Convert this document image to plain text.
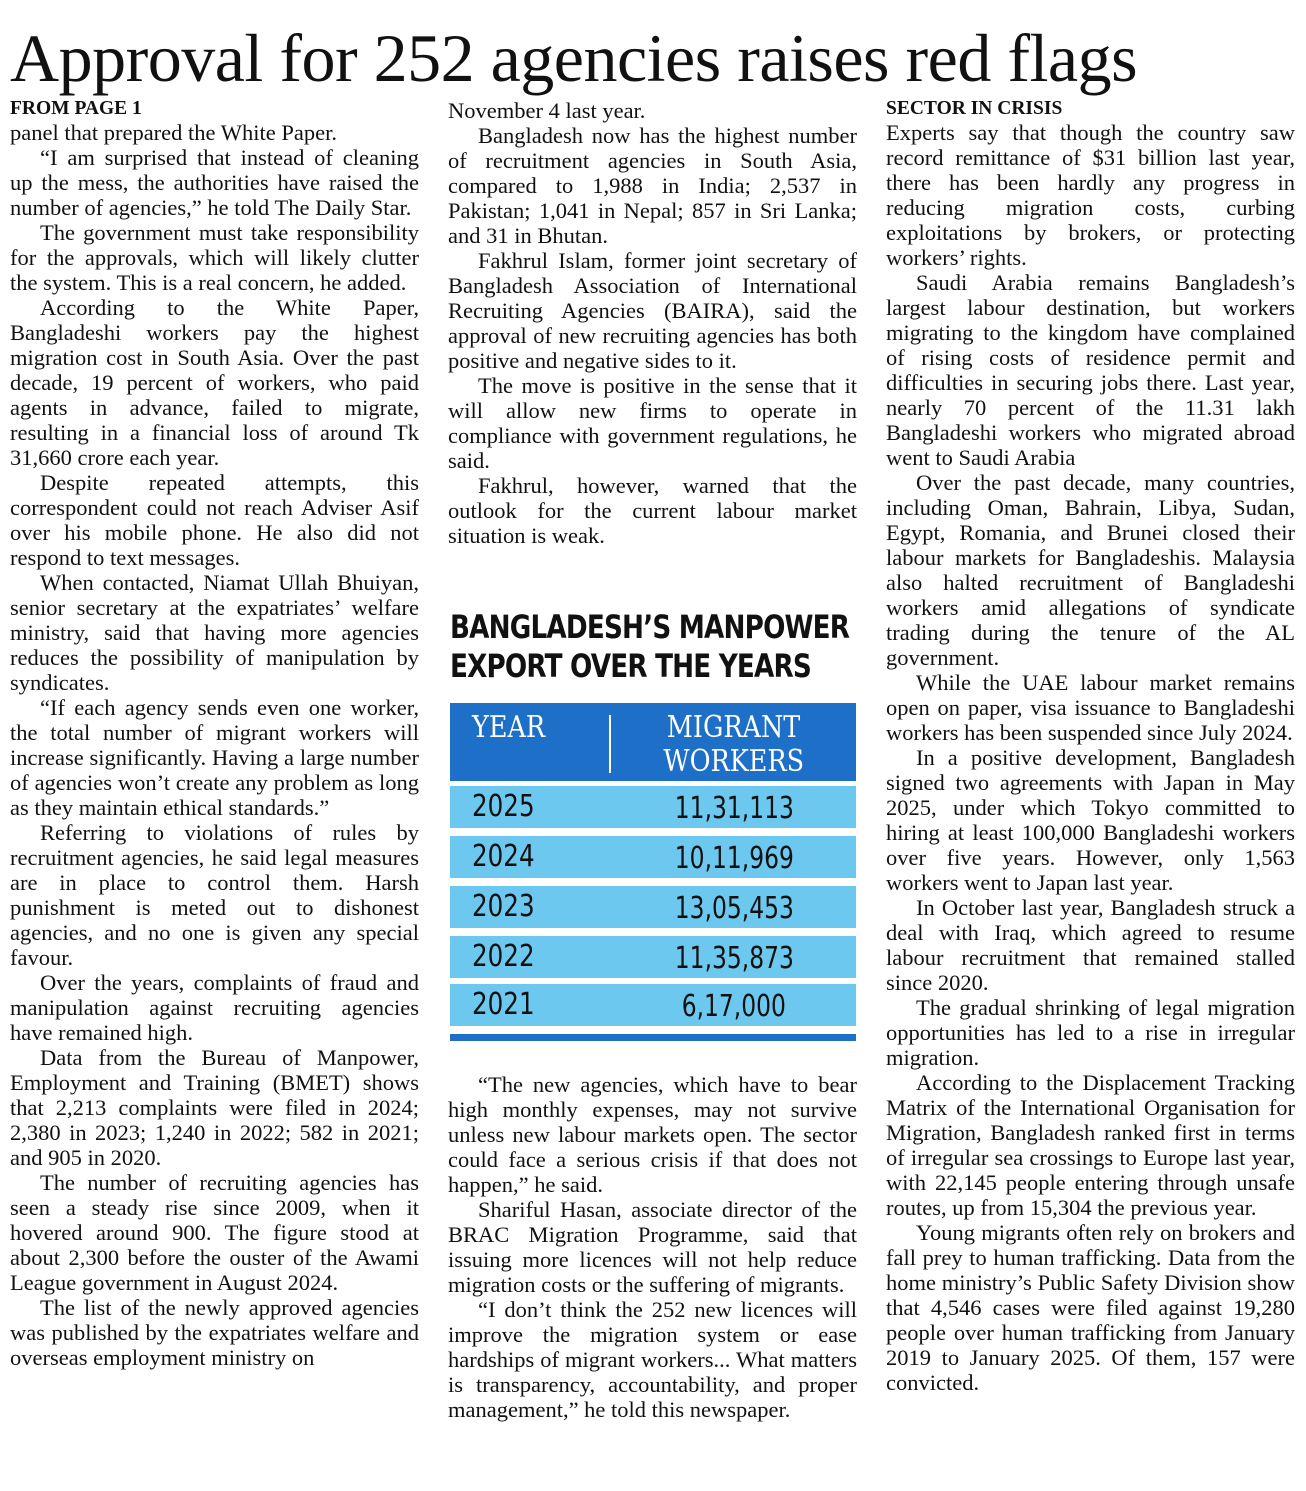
Approval for 252 agencies raises red flags
FROM PAGE 1

panel that prepared the White Paper.

“I am surprised that instead of cleaning up the mess, the authorities have raised the number of agencies,” he told The Daily Star.

The government must take responsibility for the approvals, which will likely clutter the system. This is a real concern, he added.

According to the White Paper, Bangladeshi workers pay the highest migration cost in South Asia. Over the past decade, 19 percent of workers, who paid agents in advance, failed to migrate, resulting in a financial loss of around Tk 31,660 crore each year.

Despite repeated attempts, this correspondent could not reach Adviser Asif over his mobile phone. He also did not respond to text messages.

When contacted, Niamat Ullah Bhuiyan, senior secretary at the expatriates’ welfare ministry, said that having more agencies reduces the possibility of manipulation by syndicates.

“If each agency sends even one worker, the total number of migrant workers will increase significantly. Having a large number of agencies won’t create any problem as long as they maintain ethical standards.”

Referring to violations of rules by recruitment agencies, he said legal measures are in place to control them. Harsh punishment is meted out to dishonest agencies, and no one is given any special favour.

Over the years, complaints of fraud and manipulation against recruiting agencies have remained high.

Data from the Bureau of Manpower, Employment and Training (BMET) shows that 2,213 complaints were filed in 2024; 2,380 in 2023; 1,240 in 2022; 582 in 2021; and 905 in 2020.

The number of recruiting agencies has seen a steady rise since 2009, when it hovered around 900. The figure stood at about 2,300 before the ouster of the Awami League government in August 2024.

The list of the newly approved agencies was published by the expatriates welfare and overseas employment ministry on

November 4 last year.

Bangladesh now has the highest number of recruitment agencies in South Asia, compared to 1,988 in India; 2,537 in Pakistan; 1,041 in Nepal; 857 in Sri Lanka; and 31 in Bhutan.

Fakhrul Islam, former joint secretary of Bangladesh Association of International Recruiting Agencies (BAIRA), said the approval of new recruiting agencies has both positive and negative sides to it.

The move is positive in the sense that it will allow new firms to operate in compliance with government regulations, he said.

Fakhrul, however, warned that the outlook for the current labour market situation is weak.

BANGLADESH’S MANPOWER
EXPORT OVER THE YEARS
YEAR	MIGRANT
WORKERS
2025	11,31,113
2024	10,11,969
2023	13,05,453
2022	11,35,873
2021	6,17,000

“The new agencies, which have to bear high monthly expenses, may not survive unless new labour markets open. The sector could face a serious crisis if that does not happen,” he said.

Shariful Hasan, associate director of the BRAC Migration Programme, said that issuing more licences will not help reduce migration costs or the suffering of migrants.

“I don’t think the 252 new licences will improve the migration system or ease hardships of migrant workers... What matters is transparency, accountability, and proper management,” he told this newspaper.

SECTOR IN CRISIS

Experts say that though the country saw record remittance of $31 billion last year, there has been hardly any progress in reducing migration costs, curbing exploitations by brokers, or protecting workers’ rights.

Saudi Arabia remains Bangladesh’s largest labour destination, but workers migrating to the kingdom have complained of rising costs of residence permit and difficulties in securing jobs there. Last year, nearly 70 percent of the 11.31 lakh Bangladeshi workers who migrated abroad went to Saudi Arabia

Over the past decade, many countries, including Oman, Bahrain, Libya, Sudan, Egypt, Romania, and Brunei closed their labour markets for Bangladeshis. Malaysia also halted recruitment of Bangladeshi workers amid allegations of syndicate trading during the tenure of the AL government.

While the UAE labour market remains open on paper, visa issuance to Bangladeshi workers has been suspended since July 2024.

In a positive development, Bangladesh signed two agreements with Japan in May 2025, under which Tokyo committed to hiring at least 100,000 Bangladeshi workers over five years. However, only 1,563 workers went to Japan last year.

In October last year, Bangladesh struck a deal with Iraq, which agreed to resume labour recruitment that remained stalled since 2020.

The gradual shrinking of legal migration opportunities has led to a rise in irregular migration.

According to the Displacement Tracking Matrix of the International Organisation for Migration, Bangladesh ranked first in terms of irregular sea crossings to Europe last year, with 22,145 people entering through unsafe routes, up from 15,304 the previous year.

Young migrants often rely on brokers and fall prey to human trafficking. Data from the home ministry’s Public Safety Division show that 4,546 cases were filed against 19,280 people over human trafficking from January 2019 to January 2025. Of them, 157 were convicted.
